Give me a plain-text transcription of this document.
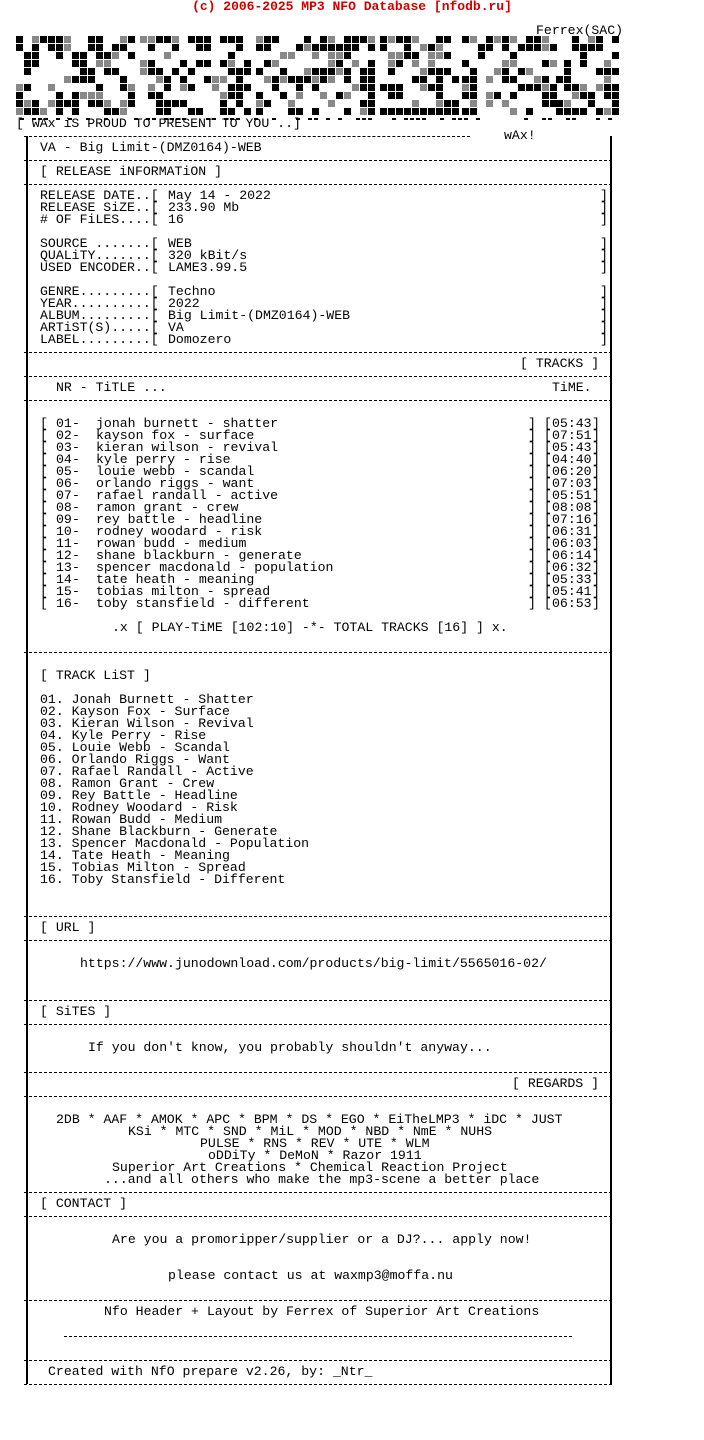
(c) 2006-2025 MP3 NFO Database [nfodb.ru]
Ferrex(SAC)
[ wAx iS PROUD TO PRESENT TO YOU ..]
wAx!
VA - Big Limit-(DMZ0164)-WEB
[ RELEASE iNFORMATiON ]
RELEASE DATE..[ May 14 - 2022	]
RELEASE SiZE..[ 233.90 Mb	]
# OF FiLES....[ 16	]
SOURCE .......[ WEB	]
QUALiTY.......[ 320 kBit/s	]
USED ENCODER..[ LAME3.99.5	]
GENRE.........[ Techno	]
YEAR..........[ 2022	]
ALBUM.........[ Big Limit-(DMZ0164)-WEB	]
ARTiST(S).....[ VA	]
LABEL.........[ Domozero	]
[ TRACKS ]
NR - TiTLE ...	TiME.
[ 01 - jonah burnett - shatter	] [ 05:43 ]
[ 02 - kayson fox - surface	] [ 07:51 ]
[ 03 - kieran wilson - revival	] [ 05:43 ]
[ 04 - kyle perry - rise	] [ 04:40 ]
[ 05 - louie webb - scandal	] [ 06:20 ]
[ 06 - orlando riggs - want	] [ 07:03 ]
[ 07 - rafael randall - active	] [ 05:51 ]
[ 08 - ramon grant - crew	] [ 08:08 ]
[ 09 - rey battle - headline	] [ 07:16 ]
[ 10 - rodney woodard - risk	] [ 06:31 ]
[ 11 - rowan budd - medium	] [ 06:03 ]
[ 12 - shane blackburn - generate	] [ 06:14 ]
[ 13 - spencer macdonald - population	] [ 06:32 ]
[ 14 - tate heath - meaning	] [ 05:33 ]
[ 15 - tobias milton - spread	] [ 05:41 ]
[ 16 - toby stansfield - different	] [ 06:53 ]
.x [ PLAY-TiME [102:10] -*- TOTAL TRACKS [16] ] x.
[ TRACK LiST ]
01. Jonah Burnett - Shatter
02. Kayson Fox - Surface
03. Kieran Wilson - Revival
04. Kyle Perry - Rise
05. Louie Webb - Scandal
06. Orlando Riggs - Want
07. Rafael Randall - Active
08. Ramon Grant - Crew
09. Rey Battle - Headline
10. Rodney Woodard - Risk
11. Rowan Budd - Medium
12. Shane Blackburn - Generate
13. Spencer Macdonald - Population
14. Tate Heath - Meaning
15. Tobias Milton - Spread
16. Toby Stansfield - Different
[ URL ]
https://www.junodownload.com/products/big-limit/5565016-02/
[ SiTES ]
If you don't know, you probably shouldn't anyway...
[ REGARDS ]
2DB * AAF * AMOK * APC * BPM * DS * EGO * EiTheLMP3 * iDC * JUST
KSi * MTC * SND * MiL * MOD * NBD * NmE * NUHS
PULSE * RNS * REV * UTE * WLM
oDDiTy * DeMoN * Razor 1911
Superior Art Creations * Chemical Reaction Project
...and all others who make the mp3-scene a better place
[ CONTACT ]
Are you a promoripper/supplier or a DJ?... apply now!
please contact us at waxmp3@moffa.nu
Nfo Header + Layout by Ferrex of Superior Art Creations
Created with NfO prepare v2.26, by: _Ntr_
